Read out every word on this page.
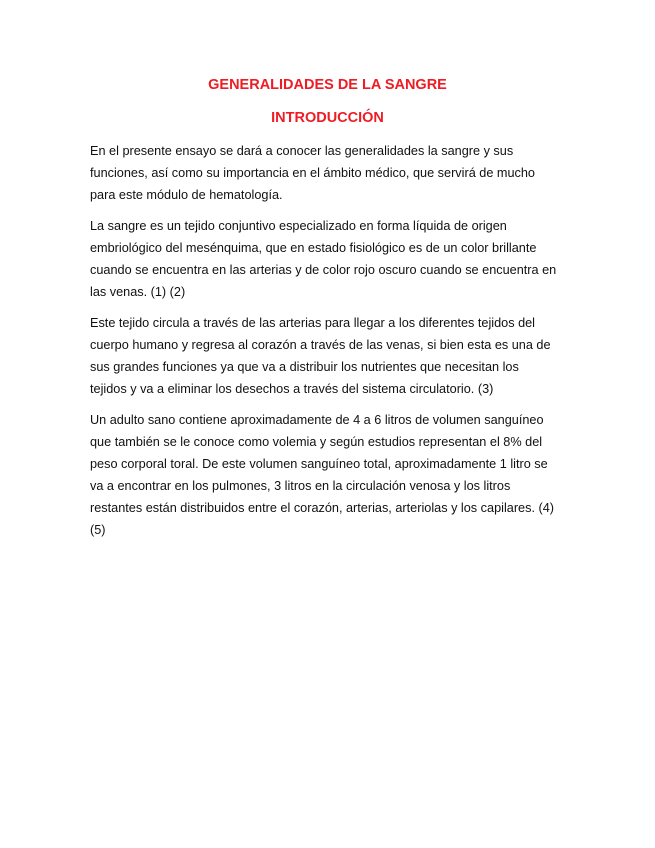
GENERALIDADES DE LA SANGRE
INTRODUCCIÓN

En el presente ensayo se dará a conocer las generalidades la sangre y sus
funciones, así como su importancia en el ámbito médico, que servirá de mucho
para este módulo de hematología.

La sangre es un tejido conjuntivo especializado en forma líquida de origen
embriológico del mesénquima, que en estado fisiológico es de un color brillante
cuando se encuentra en las arterias y de color rojo oscuro cuando se encuentra en
las venas. (1) (2)

Este tejido circula a través de las arterias para llegar a los diferentes tejidos del
cuerpo humano y regresa al corazón a través de las venas, si bien esta es una de
sus grandes funciones ya que va a distribuir los nutrientes que necesitan los
tejidos y va a eliminar los desechos a través del sistema circulatorio. (3)

Un adulto sano contiene aproximadamente de 4 a 6 litros de volumen sanguíneo
que también se le conoce como volemia y según estudios representan el 8% del
peso corporal toral. De este volumen sanguíneo total, aproximadamente 1 litro se
va a encontrar en los pulmones, 3 litros en la circulación venosa y los litros
restantes están distribuidos entre el corazón, arterias, arteriolas y los capilares. (4)
(5)
